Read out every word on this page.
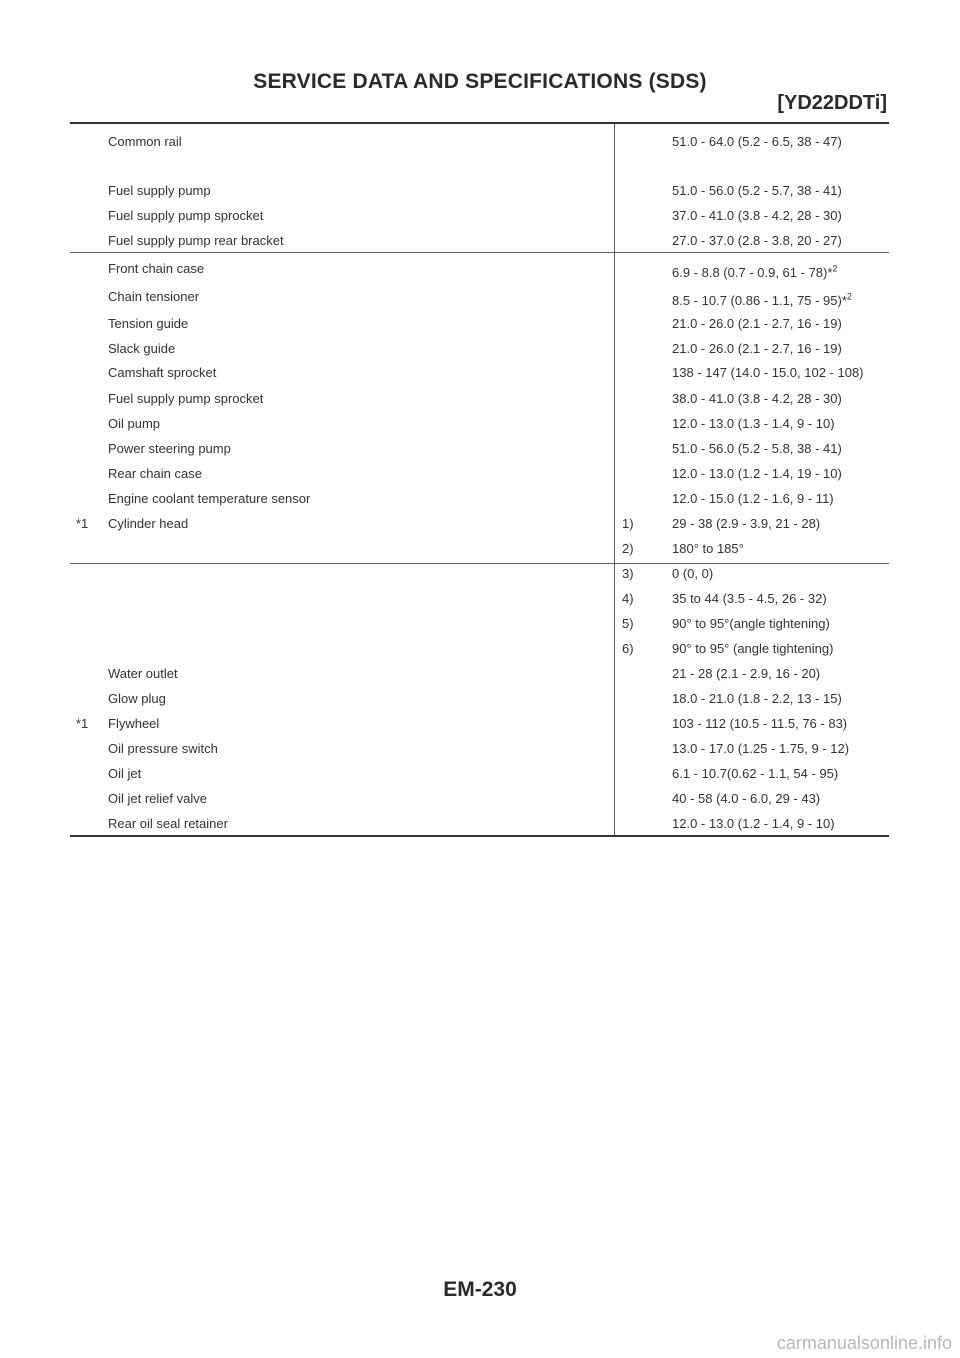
SERVICE DATA AND SPECIFICATIONS (SDS)
[YD22DDTi]
Common rail	51.0 - 64.0 (5.2 - 6.5, 38 - 47)
Fuel supply pump	51.0 - 56.0 (5.2 - 5.7, 38 - 41)
Fuel supply pump sprocket	37.0 - 41.0 (3.8 - 4.2, 28 - 30)
Fuel supply pump rear bracket	27.0 - 37.0 (2.8 - 3.8, 20 - 27)
Front chain case	6.9 - 8.8 (0.7 - 0.9, 61 - 78)*$^2$
Chain tensioner	8.5 - 10.7 (0.86 - 1.1, 75 - 95)*$^2$
Tension guide	21.0 - 26.0 (2.1 - 2.7, 16 - 19)
Slack guide	21.0 - 26.0 (2.1 - 2.7, 16 - 19)
Camshaft sprocket	138 - 147 (14.0 - 15.0, 102 - 108)
Fuel supply pump sprocket	38.0 - 41.0 (3.8 - 4.2, 28 - 30)
Oil pump	12.0 - 13.0 (1.3 - 1.4, 9 - 10)
Power steering pump	51.0 - 56.0 (5.2 - 5.8, 38 - 41)
Rear chain case	12.0 - 13.0 (1.2 - 1.4, 19 - 10)
Engine coolant temperature sensor	12.0 - 15.0 (1.2 - 1.6, 9 - 11)
*1 Cylinder head	1)	29 - 38 (2.9 - 3.9, 21 - 28)
2)	180° to 185°
3)	0 (0, 0)
4)	35 to 44 (3.5 - 4.5, 26 - 32)
5)	90° to 95°(angle tightening)
6)	90° to 95° (angle tightening)
Water outlet	21 - 28 (2.1 - 2.9, 16 - 20)
Glow plug	18.0 - 21.0 (1.8 - 2.2, 13 - 15)
*1 Flywheel	103 - 112 (10.5 - 11.5, 76 - 83)
Oil pressure switch	13.0 - 17.0 (1.25 - 1.75, 9 - 12)
Oil jet	6.1 - 10.7(0.62 - 1.1, 54 - 95)
Oil jet relief valve	40 - 58 (4.0 - 6.0, 29 - 43)
Rear oil seal retainer	12.0 - 13.0 (1.2 - 1.4, 9 - 10)
EM-230
carmanualsonline.info
